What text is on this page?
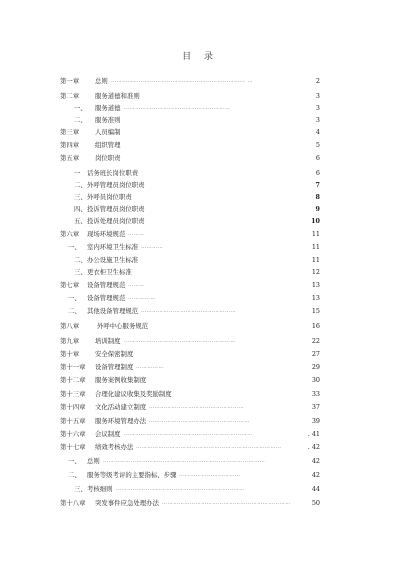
目 录
第一章 总则 ……………………………………………………………… …	2
第二章 服务道德和准则	3
一、 服务道德 …………………………………………………	3
二、 服务准则	3
第三章 人员编制	4
第四章 组织管理	5
第五章 岗位职责	6
一 话务班长岗位职责	6
二、 外呼管理员岗位职责	7
三、 外呼员岗位职责	8
四、 投诉管理员岗位职责	9
五、 投诉处理员岗位职责	10
第六章 现场环境规范 ………	11
一、 室内环境卫生标准 …………	11
二、 办公设施卫生标准	11
三、 更衣柜卫生标准	12
第七章 设备管理规范 ………	13
一、 设备管理规范 ……………	13
二、 其他设备管理规范 ……………………………………………	15
第八章	外呼中心服务规范	16
第九章 培训制度 ……………………………………………………	22
第十章 安全保密制度	27
第十一章 设备管理制度 ……………	29
第十二章 服务案例收集制度	30
第十三章 合理化建议收集及奖励制度	33
第十四章 文化活动建立制度 ……………………………………………	37
第十五章 服务环境管理办法 ………………………………………………	39
第十六章 会议制度 ……………………………………………………………	. 41
第十七章 绩效考核办法 ……………………………………………………………………	. 42
一、 总则 ……………………………………………………………………………	42
二、 服务等级考评的主要指标、步骤 ……………………………	42
三、 考核细则 ……………………………………………………………	44
第十八章 突发事件应急处理办法 ……………………………………………………………	50
